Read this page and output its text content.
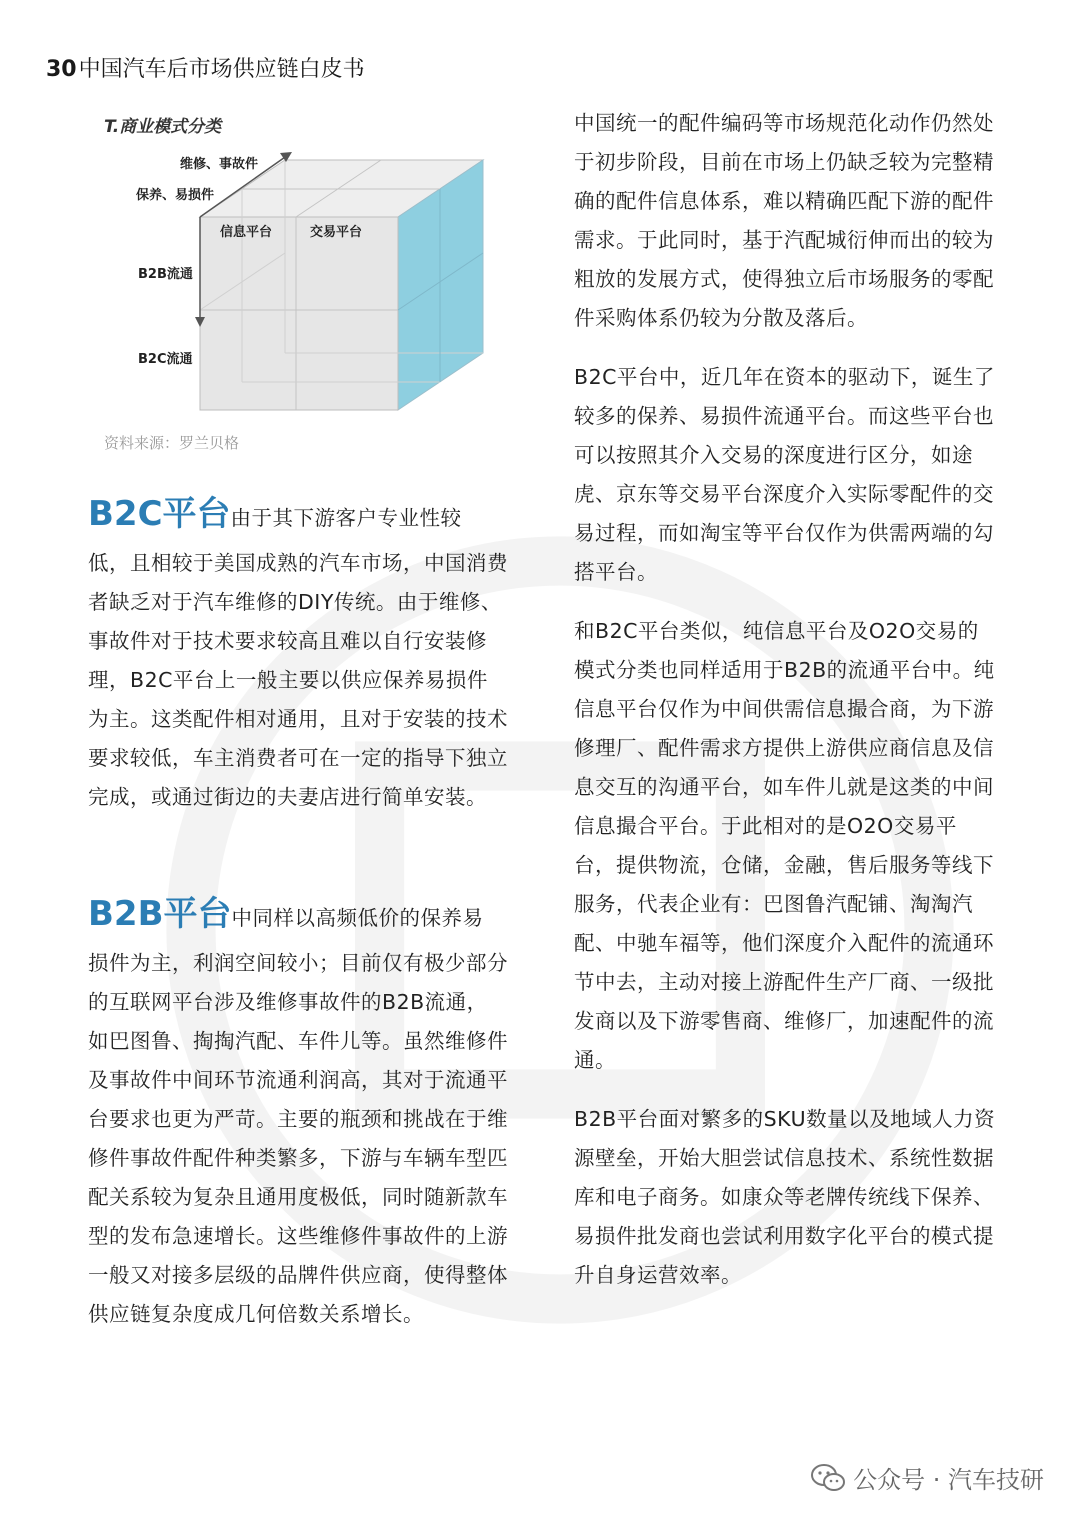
30中国汽车后市场供应链白皮书
T.商业模式分类
维修、事故件
保养、易损件
信息平台	交易平台
B2B流通
B2C流通
资料来源：罗兰贝格

B2C平台由于其下游客户专业性较

低，且相较于美国成熟的汽车市场，中国消费者缺乏对于汽车维修的DIY传统。由于维修、事故件对于技术要求较高且难以自行安装修理，B2C平台上一般主要以供应保养易损件为主。这类配件相对通用，且对于安装的技术要求较低，车主消费者可在一定的指导下独立完成，或通过街边的夫妻店进行简单安装。

B2B平台中同样以高频低价的保养易

损件为主，利润空间较小；目前仅有极少部分的互联网平台涉及维修事故件的B2B流通，如巴图鲁、掏掏汽配、车件儿等。虽然维修件及事故件中间环节流通利润高，其对于流通平台要求也更为严苛。主要的瓶颈和挑战在于维修件事故件配件种类繁多，下游与车辆车型匹配关系较为复杂且通用度极低，同时随新款车型的发布急速增长。这些维修件事故件的上游一般又对接多层级的品牌件供应商，使得整体供应链复杂度成几何倍数关系增长。

中国统一的配件编码等市场规范化动作仍然处于初步阶段，目前在市场上仍缺乏较为完整精确的配件信息体系，难以精确匹配下游的配件需求。于此同时，基于汽配城衍伸而出的较为粗放的发展方式，使得独立后市场服务的零配件采购体系仍较为分散及落后。

B2C平台中，近几年在资本的驱动下，诞生了较多的保养、易损件流通平台。而这些平台也可以按照其介入交易的深度进行区分，如途虎、京东等交易平台深度介入实际零配件的交易过程，而如淘宝等平台仅作为供需两端的勾搭平台。

和B2C平台类似，纯信息平台及O2O交易的模式分类也同样适用于B2B的流通平台中。纯信息平台仅作为中间供需信息撮合商，为下游修理厂、配件需求方提供上游供应商信息及信息交互的沟通平台，如车件儿就是这类的中间信息撮合平台。于此相对的是O2O交易平台，提供物流，仓储，金融，售后服务等线下服务，代表企业有：巴图鲁汽配铺、淘淘汽配、中驰车福等，他们深度介入配件的流通环节中去，主动对接上游配件生产厂商、一级批发商以及下游零售商、维修厂，加速配件的流通。

B2B平台面对繁多的SKU数量以及地域人力资源壁垒，开始大胆尝试信息技术、系统性数据库和电子商务。如康众等老牌传统线下保养、易损件批发商也尝试利用数字化平台的模式提升自身运营效率。

公众号 · 汽车技研
